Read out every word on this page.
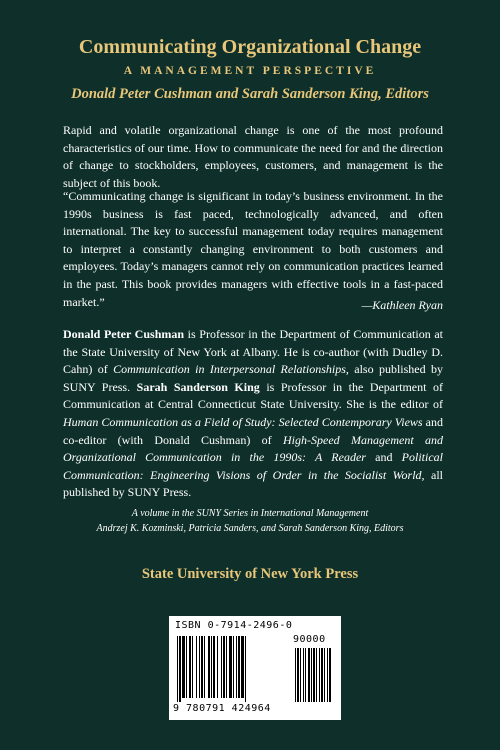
Communicating Organizational Change
A MANAGEMENT PERSPECTIVE
Donald Peter Cushman and Sarah Sanderson King, Editors

Rapid and volatile organizational change is one of the most profound characteristics of our time. How to communicate the need for and the direction of change to stockholders, employees, customers, and management is the subject of this book.

“Communicating change is significant in today’s business environment. In the 1990s business is fast paced, technologically advanced, and often international. The key to successful management today requires management to interpret a constantly changing environment to both customers and employees. Today’s managers cannot rely on communication practices learned in the past. This book provides managers with effective tools in a fast-paced market.”	—Kathleen Ryan

Donald Peter Cushman is Professor in the Department of Communication at the State University of New York at Albany. He is co-author (with Dudley D. Cahn) of Communication in Interpersonal Relationships, also published by SUNY Press. Sarah Sanderson King is Professor in the Department of Communication at Central Connecticut State University. She is the editor of Human Communication as a Field of Study: Selected Contemporary Views and co-editor (with Donald Cushman) of High-Speed Management and Organizational Communication in the 1990s: A Reader and Political Communication: Engineering Visions of Order in the Socialist World, all published by SUNY Press.

A volume in the SUNY Series in International Management
Andrzej K. Kozminski, Patricia Sanders, and Sarah Sanderson King, Editors
State University of New York Press
ISBN 0-7914-2496-0
90000
9 780791 424964
